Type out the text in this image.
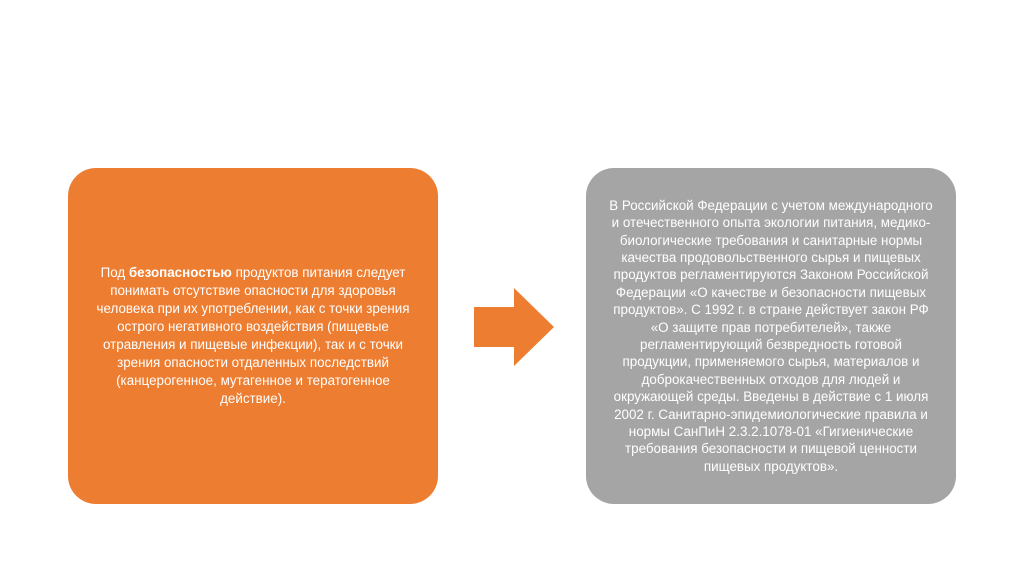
Под безопасностью продуктов питания следует понимать отсутствие опасности для здоровья человека при их употреблении, как с точки зрения острого негативного воздействия (пищевые отравления и пищевые инфекции), так и с точки зрения опасности отдаленных последствий (канцерогенное, мутагенное и тератогенное действие).
В Российской Федерации с учетом международного и отечественного опыта экологии питания, медико-биологические требования и санитарные нормы качества продовольственного сырья и пищевых продуктов регламентируются Законом Российской Федерации «О качестве и безопасности пищевых продуктов». С 1992 г. в стране действует закон РФ «О защите прав потребителей», также регламентирующий безвредность готовой продукции, применяемого сырья, материалов и доброкачественных отходов для людей и окружающей среды. Введены в действие с 1 июля 2002 г. Санитарно-эпидемиологические правила и нормы СанПиН 2.3.2.1078-01 «Гигиенические требования безопасности и пищевой ценности пищевых продуктов».
